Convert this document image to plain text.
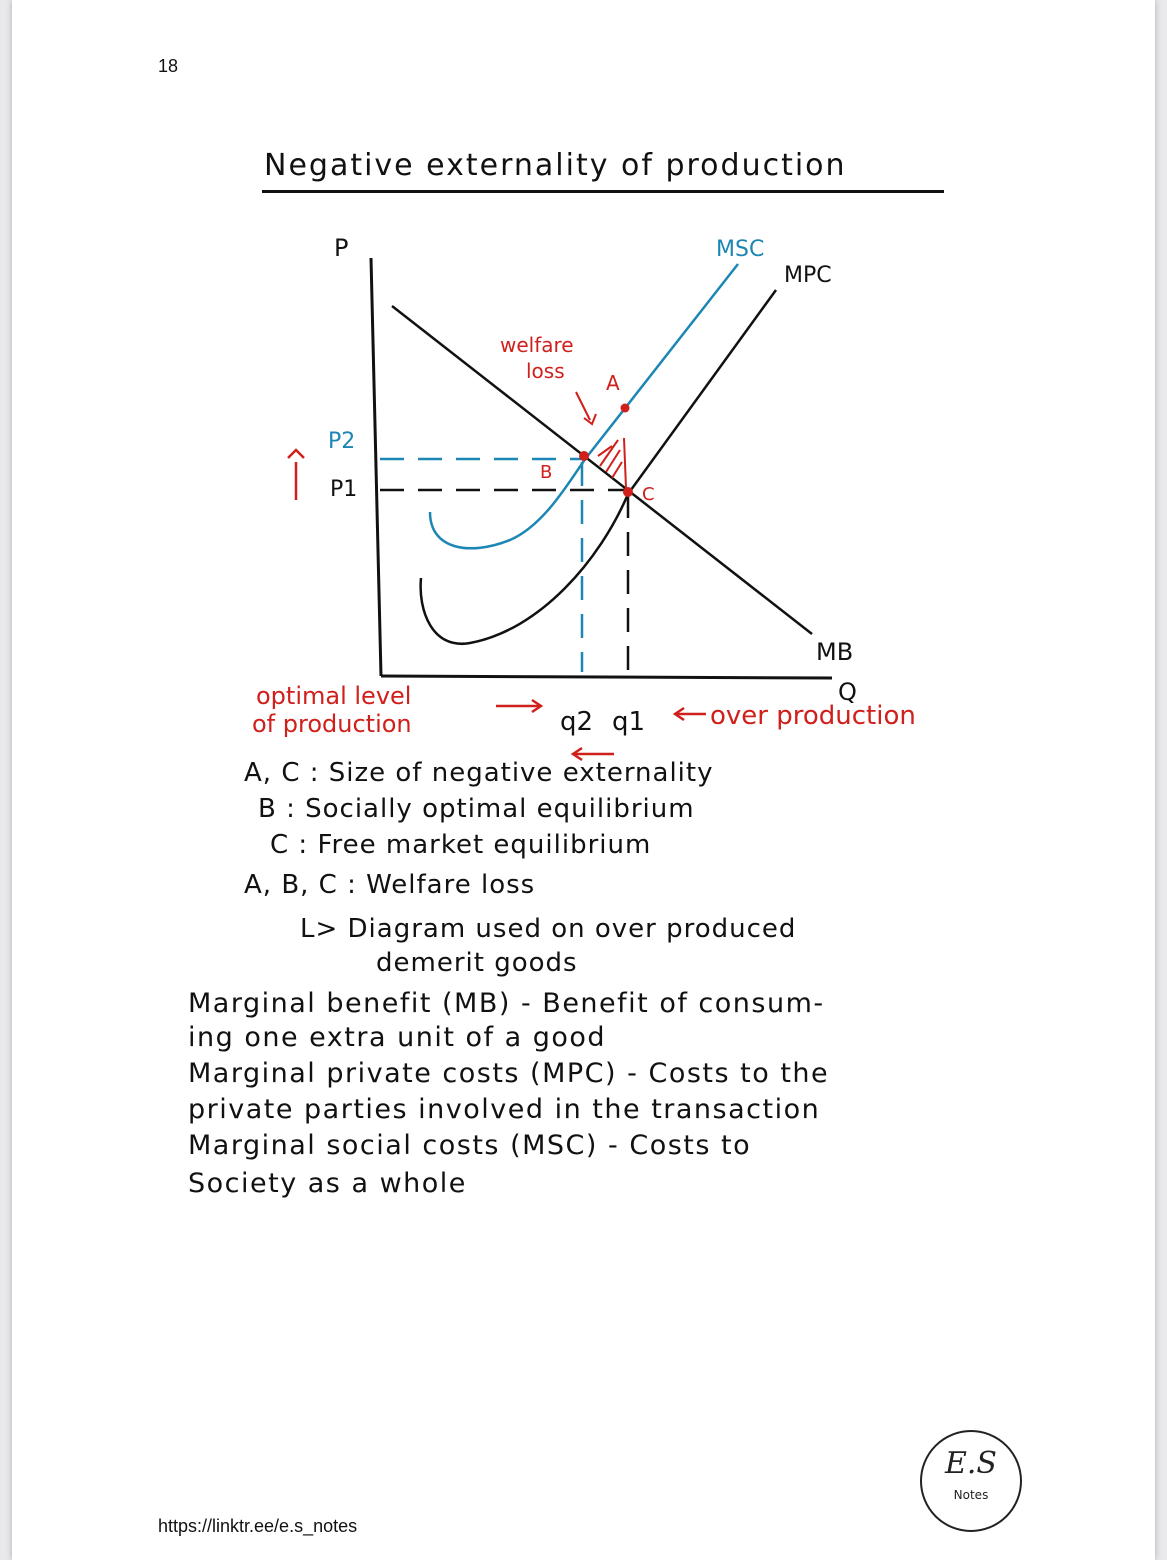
18
Negative externality of production
P
Q
MB
MPC
MSC
P2
P1
A
B
C
welfare
loss
optimal level
of production	q2 q1 over production
A, C : Size of negative externality
B : Socially optimal equilibrium
C : Free market equilibrium
A, B, C : Welfare loss
L> Diagram used on over produced
demerit goods
Marginal benefit (MB) - Benefit of consum-
ing one extra unit of a good
Marginal private costs (MPC) - Costs to the
private parties involved in the transaction
Marginal social costs (MSC) - Costs to
Society as a whole
E.S
Notes
https://linktr.ee/e.s_notes
